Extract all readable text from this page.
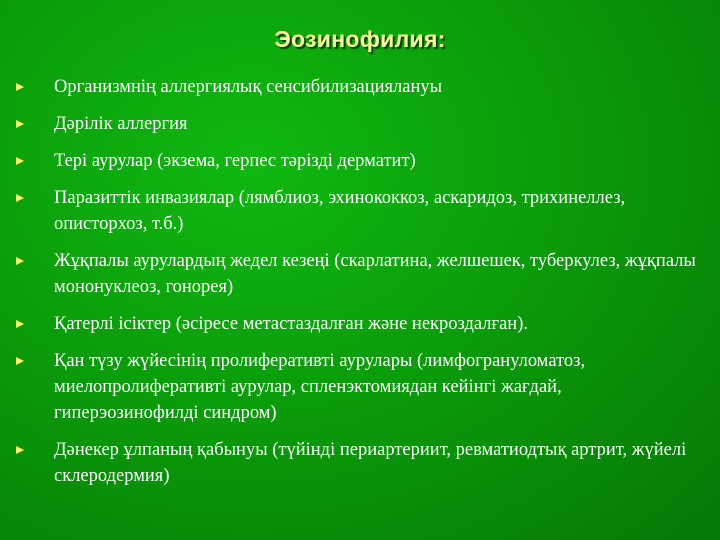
Эозинофилия:
Организмнің аллергиялық сенсибилизациялануы
Дәрілік аллергия
Тері аурулар (экзема, герпес тәрізді дерматит)
Паразиттік инвазиялар (лямблиоз, эхинококкоз, аскаридоз, трихинеллез, описторхоз, т.б.)
Жұқпалы аурулардың жедел кезеңі (скарлатина, желшешек, туберкулез, жұқпалы мононуклеоз, гонорея)
Қатерлі ісіктер (әсіресе метастаздалған және некроздалған).
Қан түзу жүйесінің пролиферативті аурулары (лимфогрануломатоз, миелопролиферативті аурулар, спленэктомиядан кейінгі жағдай, гиперэозинофилді синдром)
Дәнекер ұлпаның қабынуы (түйінді периартериит, ревматиодтық артрит, жүйелі склеродермия)
